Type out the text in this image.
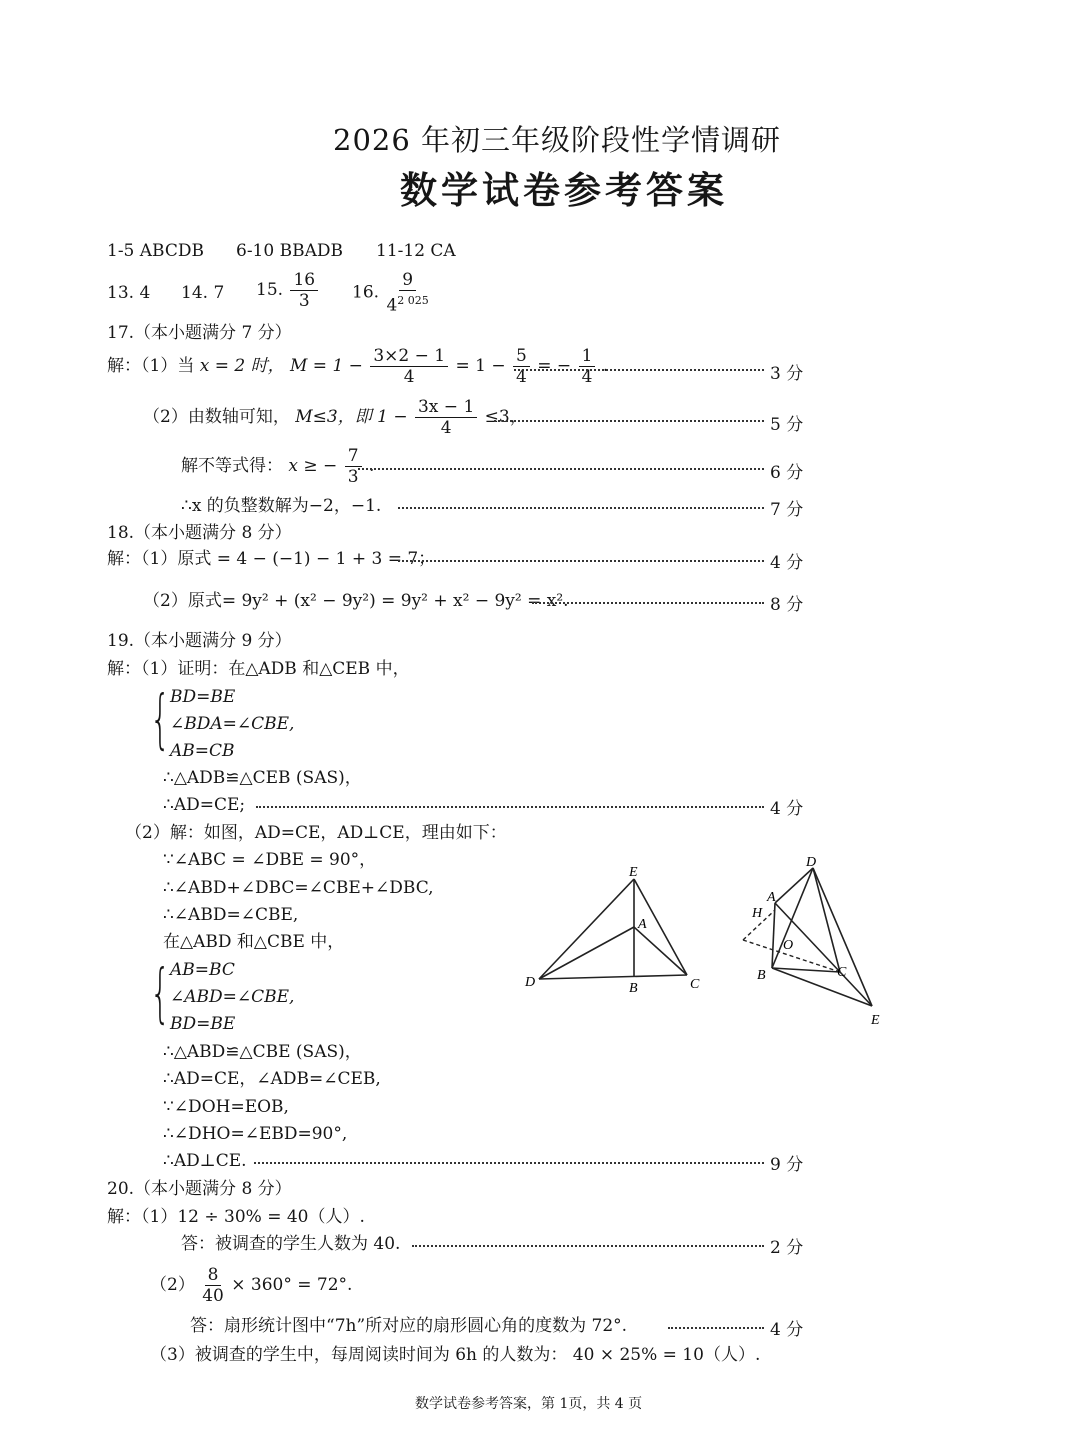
2026 年初三年级阶段性学情调研
数学试卷参考答案
1-5 ABCDB 6-10 BBADB 11-12 CA
13. 4 14. 7 15. $\frac{16}{3} 16$. $\frac{9}{4^{2 025}}$
17.（本小题满分 7 分）
解：（1）当 x = 2 时， $M = 1 - \frac{3\times 2 - 1}{4} = 1 - \frac{5}{4}$ = − $\frac{1}{4}$ .	3 分
（2）由数轴可知， M≤3，即 $1 - \frac{3x - 1}{4} \le 3$，	5 分
解不等式得： x ≥ − $\frac{7}{3}$ .	6 分
∴x 的负整数解为−2，−1.	7 分
18.（本小题满分 8 分）
解：（1）原式 = 4 − (−1) − 1 + 3 = 7；	4 分
（2）原式= 9y² + (x² − 9y²) = 9y² + x² − 9y² = x².	8 分
19.（本小题满分 9 分）
解：（1）证明：在△ADB 和△CEB 中，
{ BD=BE
∠BDA=∠CBE,
AB=CB
∴△ADB≌△CEB (SAS)，
∴AD=CE;	4 分
（2）解：如图，AD=CE，AD⊥CE，理由如下：
∵∠ABC = ∠DBE = 90°，
∴∠ABD+∠DBC=∠CBE+∠DBC,
∴∠ABD=∠CBE,
在△ABD 和△CBE 中，
{ AB=BC
∠ABD=∠CBE,
BD=BE
∴△ABD≌△CBE (SAS)，
∴AD=CE，∠ADB=∠CEB,
∵∠DOH=EOB,
∴∠DHO=∠EBD=90°,
∴AD⊥CE.	9 分
E
A
D	B	C
D
A
H
O
B	C
E
20.（本小题满分 8 分）
解：（1）12 ÷ 30% = 40（人）.
答：被调查的学生人数为 40.	2 分
$(2) \frac{8}{40} \times 360^\circ = 72^\circ$.
答：扇形统计图中“7h”所对应的扇形圆心角的度数为 72°.	4 分
（3）被调查的学生中，每周阅读时间为 6h 的人数为： 40 × 25% = 10（人）.
数学试卷参考答案，第 1页，共 4 页
